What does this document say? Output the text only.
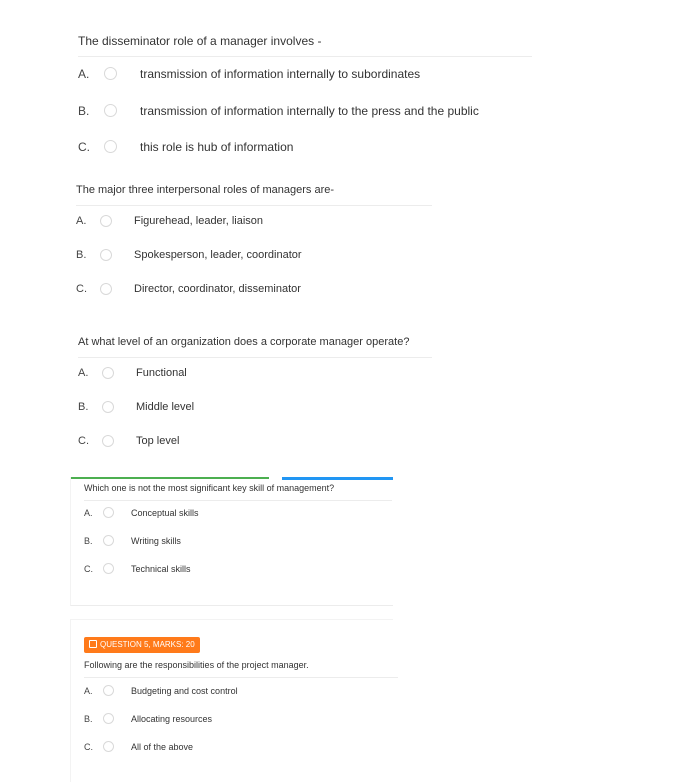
The disseminator role of a manager involves -
A.	transmission of information internally to subordinates
B.	transmission of information internally to the press and the public
C.	this role is hub of information
The major three interpersonal roles of managers are-
A.	Figurehead, leader, liaison
B.	Spokesperson, leader, coordinator
C.	Director, coordinator, disseminator
At what level of an organization does a corporate manager operate?
A.	Functional
B.	Middle level
C.	Top level
Which one is not the most significant key skill of management?
A.	Conceptual skills
B.	Writing skills
C.	Technical skills
QUESTION 5, MARKS: 20
Following are the responsibilities of the project manager.
A.	Budgeting and cost control
B.	Allocating resources
C.	All of the above
